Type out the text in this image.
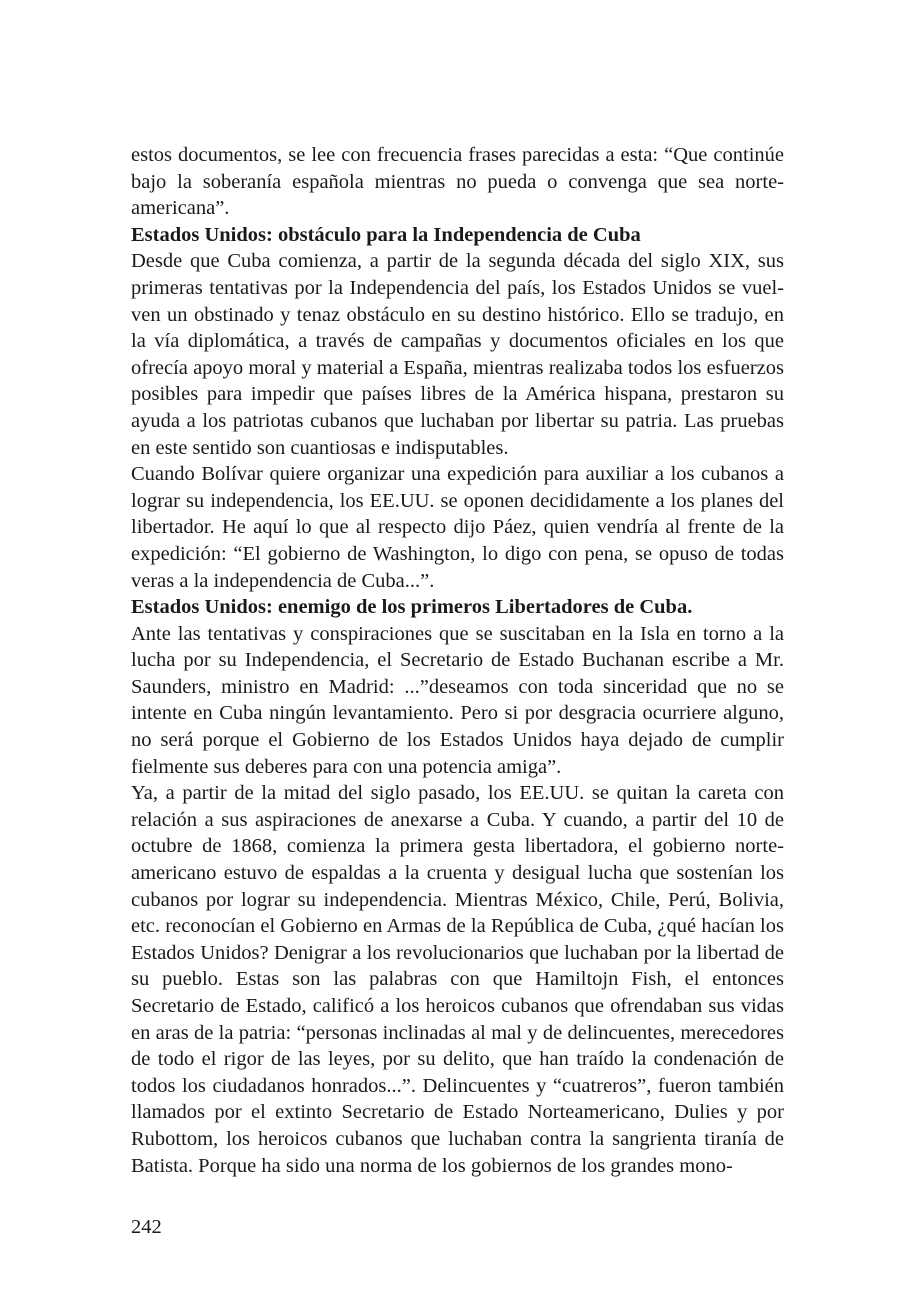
estos documentos, se lee con frecuencia frases parecidas a esta: “Que continúe bajo la soberanía española mientras no pueda o convenga que sea norteamericana”.

Estados Unidos: obstáculo para la Independencia de Cuba

Desde que Cuba comienza, a partir de la segunda década del siglo XIX, sus primeras tentativas por la Independencia del país, los Estados Unidos se vuelven un obstinado y tenaz obstáculo en su destino histórico. Ello se tradujo, en la vía diplomática, a través de campañas y documentos oficiales en los que ofrecía apoyo moral y material a España, mientras realizaba todos los esfuerzos posibles para impedir que países libres de la América hispana, prestaron su ayuda a los patriotas cubanos que luchaban por libertar su patria. Las pruebas en este sentido son cuantiosas e indisputables.

Cuando Bolívar quiere organizar una expedición para auxiliar a los cubanos a lograr su independencia, los EE.UU. se oponen decididamente a los planes del libertador. He aquí lo que al respecto dijo Páez, quien vendría al frente de la expedición: “El gobierno de Washington, lo digo con pena, se opuso de todas veras a la independencia de Cuba...”.

Estados Unidos: enemigo de los primeros Libertadores de Cuba.

Ante las tentativas y conspiraciones que se suscitaban en la Isla en torno a la lucha por su Independencia, el Secretario de Estado Buchanan escribe a Mr. Saunders, ministro en Madrid: ...”deseamos con toda sinceridad que no se intente en Cuba ningún levantamiento. Pero si por desgracia ocurriere alguno, no será porque el Gobierno de los Estados Unidos haya dejado de cumplir fielmente sus deberes para con una potencia amiga”.

Ya, a partir de la mitad del siglo pasado, los EE.UU. se quitan la careta con relación a sus aspiraciones de anexarse a Cuba. Y cuando, a partir del 10 de octubre de 1868, comienza la primera gesta libertadora, el gobierno norteamericano estuvo de espaldas a la cruenta y desigual lucha que sostenían los cubanos por lograr su independencia. Mientras México, Chile, Perú, Bolivia, etc. reconocían el Gobierno en Armas de la República de Cuba, ¿qué hacían los Estados Unidos? Denigrar a los revolucionarios que luchaban por la libertad de su pueblo. Estas son las palabras con que Hamiltojn Fish, el entonces Secretario de Estado, calificó a los heroicos cubanos que ofrendaban sus vidas en aras de la patria: “personas inclinadas al mal y de delincuentes, merecedores de todo el rigor de las leyes, por su delito, que han traído la condenación de todos los ciudadanos honrados...”. Delincuentes y “cuatreros”, fueron también llamados por el extinto Secretario de Estado Norteamericano, Dulies y por Rubottom, los heroicos cubanos que luchaban contra la sangrienta tiranía de Batista. Porque ha sido una norma de los gobiernos de los grandes mono-

242
